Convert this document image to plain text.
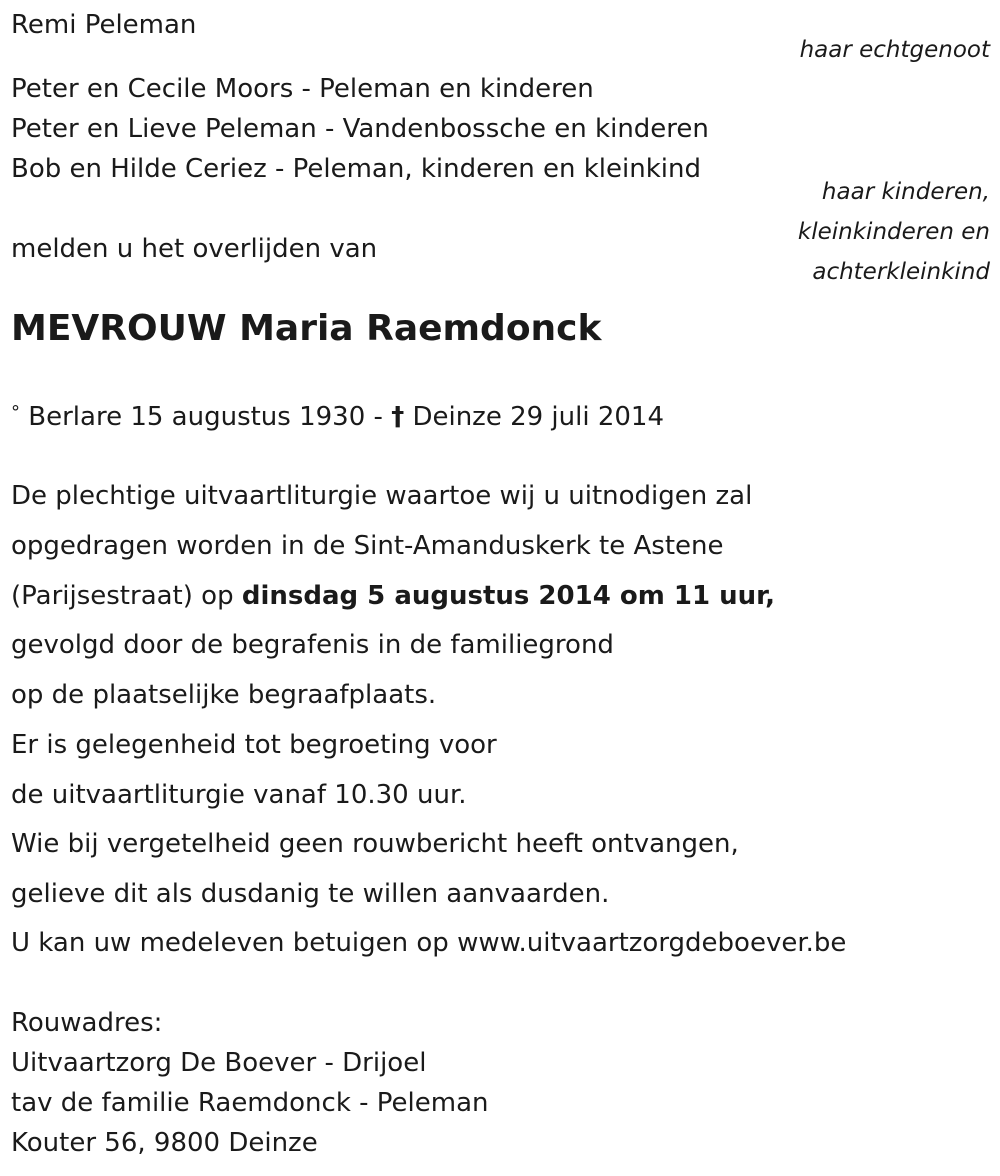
Remi Peleman
haar echtgenoot
Peter en Cecile Moors - Peleman en kinderen
Peter en Lieve Peleman - Vandenbossche en kinderen
Bob en Hilde Ceriez - Peleman, kinderen en kleinkind
haar kinderen,
kleinkinderen en
achterkleinkind
melden u het overlijden van
MEVROUW Maria Raemdonck
° Berlare 15 augustus 1930 - † Deinze 29 juli 2014
De plechtige uitvaartliturgie waartoe wij u uitnodigen zal
opgedragen worden in de Sint-Amanduskerk te Astene
(Parijsestraat) op dinsdag 5 augustus 2014 om 11 uur,
gevolgd door de begrafenis in de familiegrond
op de plaatselijke begraafplaats.
Er is gelegenheid tot begroeting voor
de uitvaartliturgie vanaf 10.30 uur.
Wie bij vergetelheid geen rouwbericht heeft ontvangen,
gelieve dit als dusdanig te willen aanvaarden.
U kan uw medeleven betuigen op www.uitvaartzorgdeboever.be
Rouwadres:
Uitvaartzorg De Boever - Drijoel
tav de familie Raemdonck - Peleman
Kouter 56, 9800 Deinze
